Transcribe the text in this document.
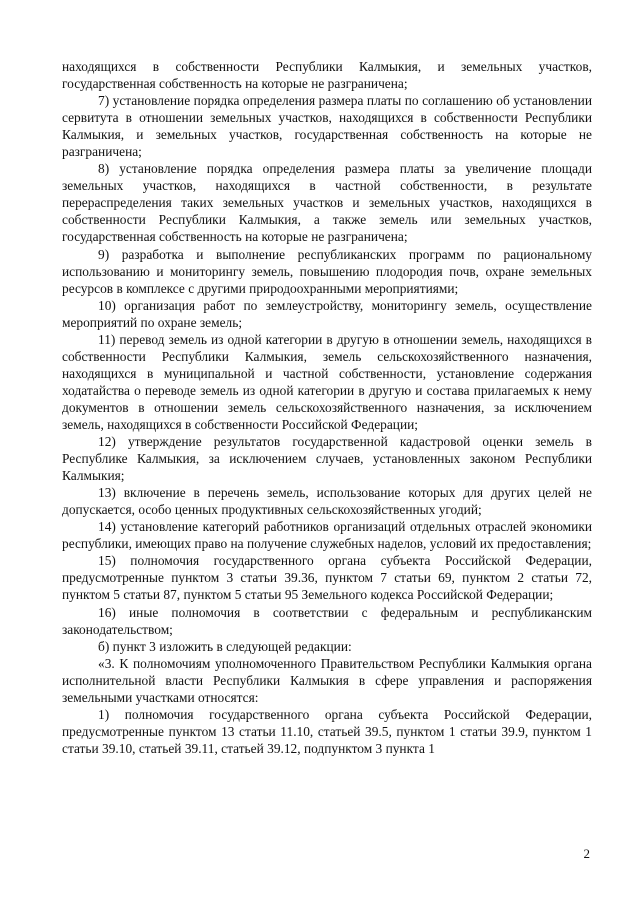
находящихся в собственности Республики Калмыкия, и земельных участков, государственная собственность на которые не разграничена;

7) установление порядка определения размера платы по соглашению об установлении сервитута в отношении земельных участков, находящихся в собственности Республики Калмыкия, и земельных участков, государственная собственность на которые не разграничена;

8) установление порядка определения размера платы за увеличение площади земельных участков, находящихся в частной собственности, в результате перераспределения таких земельных участков и земельных участков, находящихся в собственности Республики Калмыкия, а также земель или земельных участков, государственная собственность на которые не разграничена;

9) разработка и выполнение республиканских программ по рациональному использованию и мониторингу земель, повышению плодородия почв, охране земельных ресурсов в комплексе с другими природоохранными мероприятиями;

10) организация работ по землеустройству, мониторингу земель, осуществление мероприятий по охране земель;

11) перевод земель из одной категории в другую в отношении земель, находящихся в собственности Республики Калмыкия, земель сельскохозяйственного назначения, находящихся в муниципальной и частной собственности, установление содержания ходатайства о переводе земель из одной категории в другую и состава прилагаемых к нему документов в отношении земель сельскохозяйственного назначения, за исключением земель, находящихся в собственности Российской Федерации;

12) утверждение результатов государственной кадастровой оценки земель в Республике Калмыкия, за исключением случаев, установленных законом Республики Калмыкия;

13) включение в перечень земель, использование которых для других целей не допускается, особо ценных продуктивных сельскохозяйственных угодий;

14) установление категорий работников организаций отдельных отраслей экономики республики, имеющих право на получение служебных наделов, условий их предоставления;

15) полномочия государственного органа субъекта Российской Федерации, предусмотренные пунктом 3 статьи 39.36, пунктом 7 статьи 69, пунктом 2 статьи 72, пунктом 5 статьи 87, пунктом 5 статьи 95 Земельного кодекса Российской Федерации;

16) иные полномочия в соответствии с федеральным и республиканским законодательством;

б) пункт 3 изложить в следующей редакции:

«3. К полномочиям уполномоченного Правительством Республики Калмыкия органа исполнительной власти Республики Калмыкия в сфере управления и распоряжения земельными участками относятся:

1) полномочия государственного органа субъекта Российской Федерации, предусмотренные пунктом 13 статьи 11.10, статьей 39.5, пунктом 1 статьи 39.9, пунктом 1 статьи 39.10, статьей 39.11, статьей 39.12, подпунктом 3 пункта 1

2
